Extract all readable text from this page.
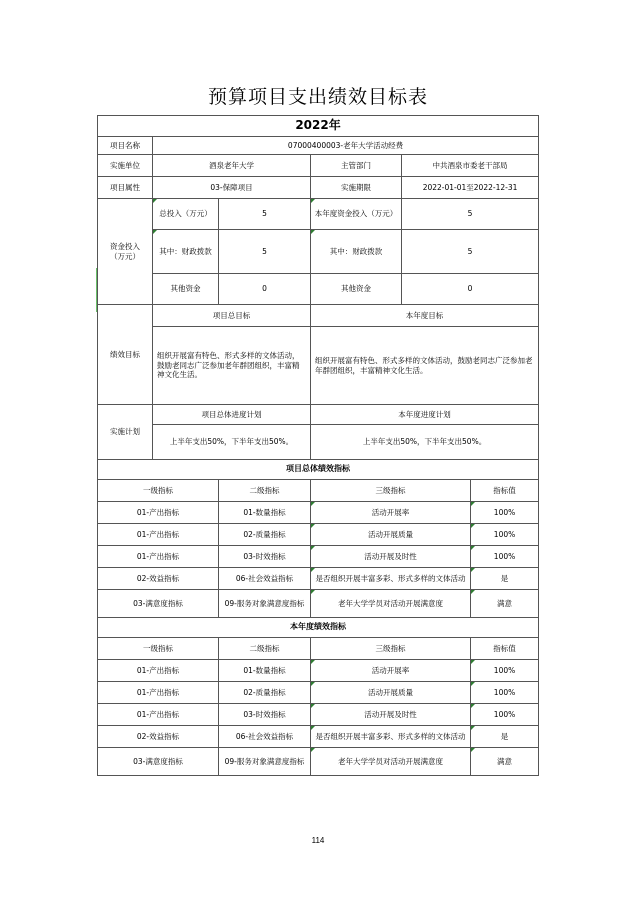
预算项目支出绩效目标表
2022年					
项目名称	07000400003-老年大学活动经费				
实施单位	酒泉老年大学		主管部门	中共酒泉市委老干部局	
项目属性	03-保障项目		实施期限	2022-01-01至2022-12-31	
资金投入
（万元）	总投入（万元）	5	本年度资金投入（万元）	5	
	其中：财政拨款	5	其中：财政拨款	5	
	其他资金	0	其他资金	0	
绩效目标	项目总目标		本年度目标		
	组织开展富有特色、形式多样的文体活动，鼓励老同志广泛参加老年群团组织，丰富精神文化生活。		组织开展富有特色、形式多样的文体活动，鼓励老同志广泛参加老年群团组织，丰富精神文化生活。		
实施计划	项目总体进度计划		本年度进度计划		
	上半年支出50%，下半年支出50%。		上半年支出50%，下半年支出50%。		
项目总体绩效指标					
一级指标		二级指标	三级指标		指标值
01-产出指标		01-数量指标	活动开展率		100%
01-产出指标		02-质量指标	活动开展质量		100%
01-产出指标		03-时效指标	活动开展及时性		100%
02-效益指标		06-社会效益指标	是否组织开展丰富多彩、形式多样的文体活动		是
03-满意度指标		09-服务对象满意度指标	老年大学学员对活动开展满意度		满意
本年度绩效指标					
一级指标		二级指标	三级指标		指标值
01-产出指标		01-数量指标	活动开展率		100%
01-产出指标		02-质量指标	活动开展质量		100%
01-产出指标		03-时效指标	活动开展及时性		100%
02-效益指标		06-社会效益指标	是否组织开展丰富多彩、形式多样的文体活动		是
03-满意度指标		09-服务对象满意度指标	老年大学学员对活动开展满意度		满意
114
